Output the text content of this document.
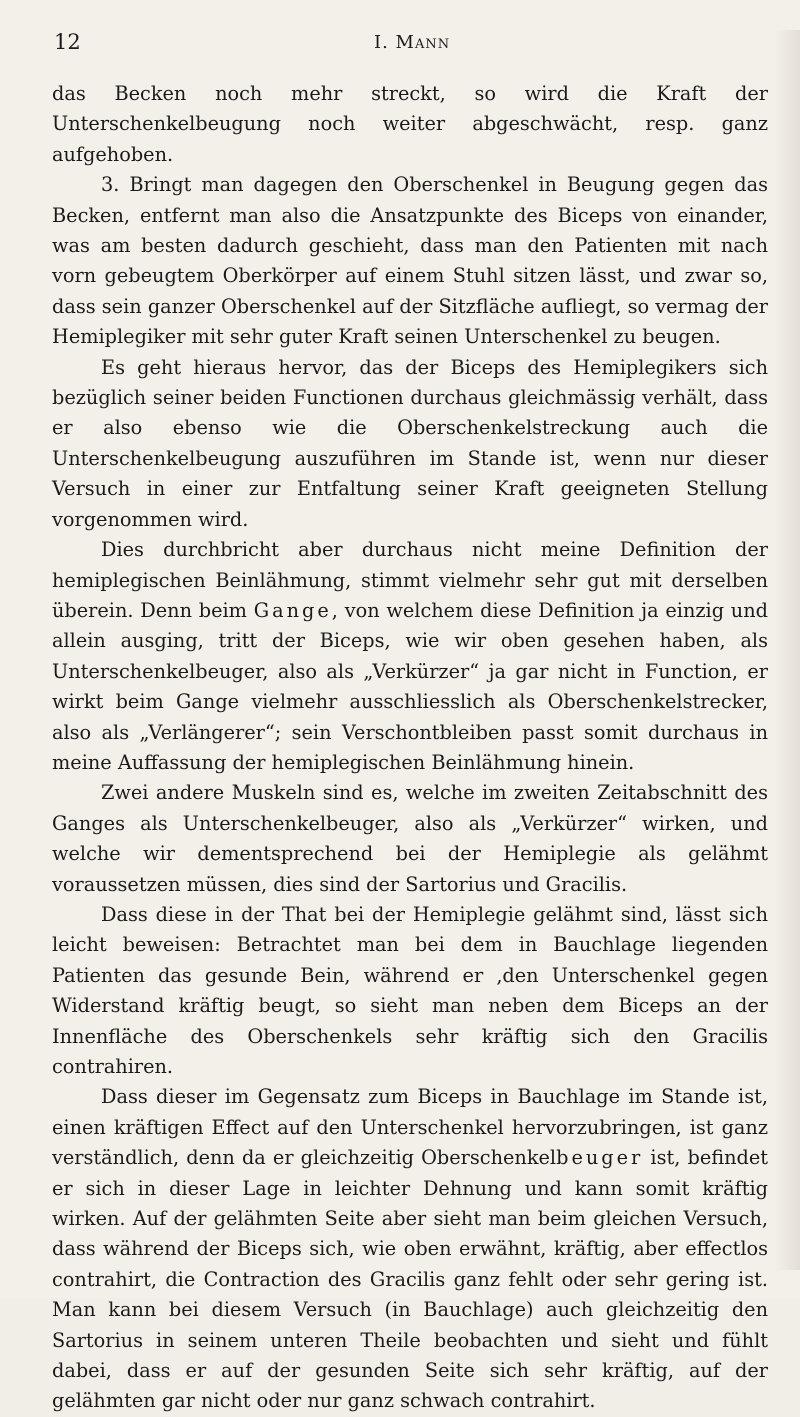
12	I. Mann

das Becken noch mehr streckt, so wird die Kraft der Unterschenkelbeugung noch weiter abgeschwächt, resp. ganz aufgehoben.

3. Bringt man dagegen den Oberschenkel in Beugung gegen das Becken, entfernt man also die Ansatzpunkte des Biceps von einander, was am besten dadurch geschieht, dass man den Patienten mit nach vorn gebeugtem Oberkörper auf einem Stuhl sitzen lässt, und zwar so, dass sein ganzer Oberschenkel auf der Sitzfläche aufliegt, so vermag der Hemiplegiker mit sehr guter Kraft seinen Unterschenkel zu beugen.

Es geht hieraus hervor, das der Biceps des Hemiplegikers sich bezüglich seiner beiden Functionen durchaus gleichmässig verhält, dass er also ebenso wie die Oberschenkelstreckung auch die Unterschenkelbeugung auszuführen im Stande ist, wenn nur dieser Versuch in einer zur Entfaltung seiner Kraft geeigneten Stellung vorgenommen wird.

Dies durchbricht aber durchaus nicht meine Definition der hemiplegischen Beinlähmung, stimmt vielmehr sehr gut mit derselben überein. Denn beim Gange, von welchem diese Definition ja einzig und allein ausging, tritt der Biceps, wie wir oben gesehen haben, als Unterschenkelbeuger, also als „Verkürzer“ ja gar nicht in Function, er wirkt beim Gange vielmehr ausschliesslich als Oberschenkelstrecker, also als „Verlängerer“; sein Verschontbleiben passt somit durchaus in meine Auffassung der hemiplegischen Beinlähmung hinein.

Zwei andere Muskeln sind es, welche im zweiten Zeitabschnitt des Ganges als Unterschenkelbeuger, also als „Verkürzer“ wirken, und welche wir dementsprechend bei der Hemiplegie als gelähmt voraussetzen müssen, dies sind der Sartorius und Gracilis.

Dass diese in der That bei der Hemiplegie gelähmt sind, lässt sich leicht beweisen: Betrachtet man bei dem in Bauchlage liegenden Patienten das gesunde Bein, während er ‚den Unterschenkel gegen Widerstand kräftig beugt, so sieht man neben dem Biceps an der Innenfläche des Oberschenkels sehr kräftig sich den Gracilis contrahiren.

Dass dieser im Gegensatz zum Biceps in Bauchlage im Stande ist, einen kräftigen Effect auf den Unterschenkel hervorzubringen, ist ganz verständlich, denn da er gleichzeitig Oberschenkelbeuger ist, befindet er sich in dieser Lage in leichter Dehnung und kann somit kräftig wirken. Auf der gelähmten Seite aber sieht man beim gleichen Versuch, dass während der Biceps sich, wie oben erwähnt, kräftig, aber effectlos contrahirt, die Contraction des Gracilis ganz fehlt oder sehr gering ist. Man kann bei diesem Versuch (in Bauchlage) auch gleichzeitig den Sartorius in seinem unteren Theile beobachten und sieht und fühlt dabei, dass er auf der gesunden Seite sich sehr kräftig, auf der gelähmten gar nicht oder nur ganz schwach contrahirt.
